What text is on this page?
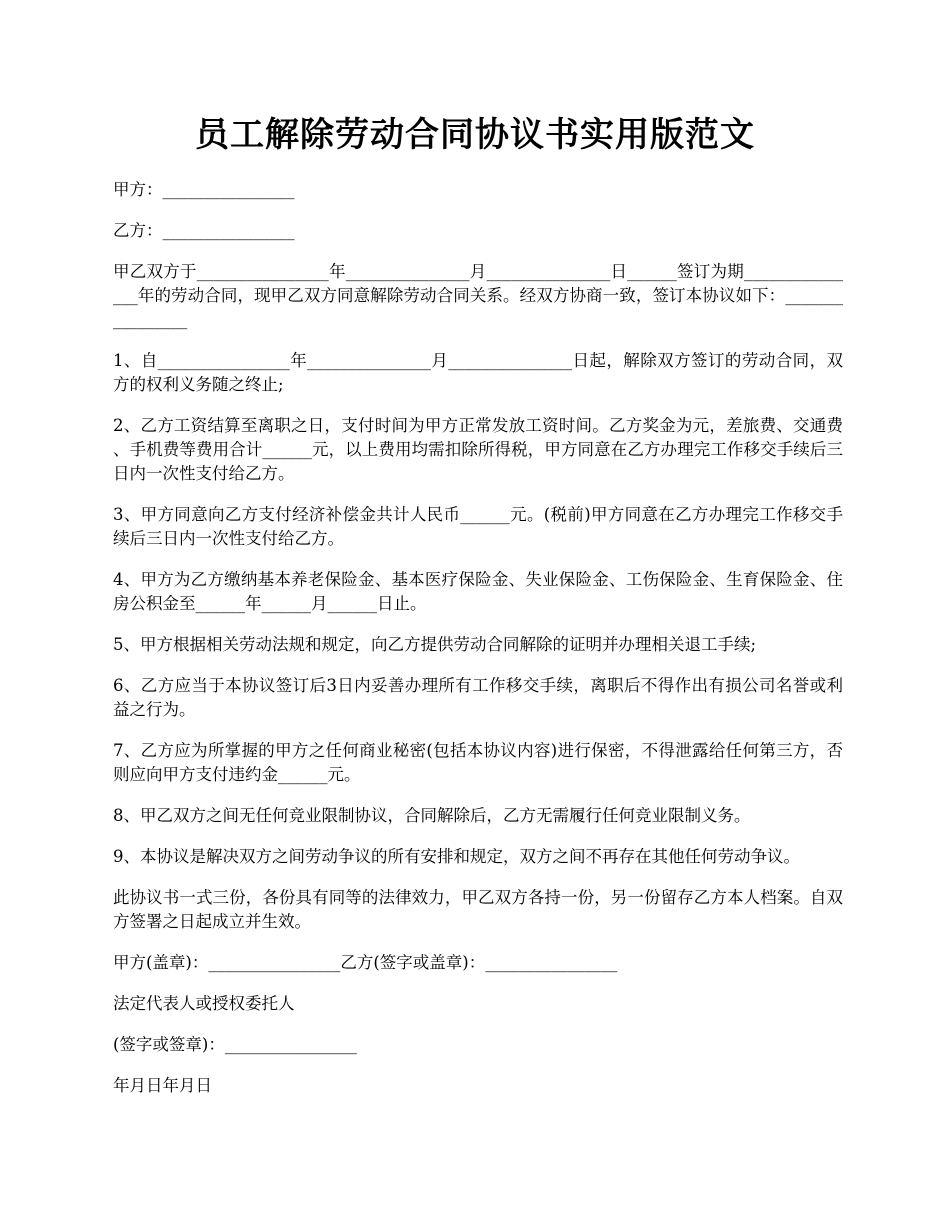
员工解除劳动合同协议书实用版范文

甲方：________________

乙方：________________

甲乙双方于________________年_______________月_______________日______签订为期_______________年的劳动合同，现甲乙双方同意解除劳动合同关系。经双方协商一致，签订本协议如下：________________

1、自________________年_______________月_______________日起，解除双方签订的劳动合同，双方的权利义务随之终止;

2、乙方工资结算至离职之日，支付时间为甲方正常发放工资时间。乙方奖金为元，差旅费、交通费、手机费等费用合计______元，以上费用均需扣除所得税，甲方同意在乙方办理完工作移交手续后三日内一次性支付给乙方。

3、甲方同意向乙方支付经济补偿金共计人民币______元。(税前)甲方同意在乙方办理完工作移交手续后三日内一次性支付给乙方。

4、甲方为乙方缴纳基本养老保险金、基本医疗保险金、失业保险金、工伤保险金、生育保险金、住房公积金至______年______月______日止。

5、甲方根据相关劳动法规和规定，向乙方提供劳动合同解除的证明并办理相关退工手续;

6、乙方应当于本协议签订后3日内妥善办理所有工作移交手续，离职后不得作出有损公司名誉或利益之行为。

7、乙方应为所掌握的甲方之任何商业秘密(包括本协议内容)进行保密，不得泄露给任何第三方，否则应向甲方支付违约金______元。

8、甲乙双方之间无任何竞业限制协议，合同解除后，乙方无需履行任何竞业限制义务。

9、本协议是解决双方之间劳动争议的所有安排和规定，双方之间不再存在其他任何劳动争议。

此协议书一式三份，各份具有同等的法律效力，甲乙双方各持一份，另一份留存乙方本人档案。自双方签署之日起成立并生效。

甲方(盖章)：________________乙方(签字或盖章)：________________

法定代表人或授权委托人

(签字或签章)：________________

年月日年月日
